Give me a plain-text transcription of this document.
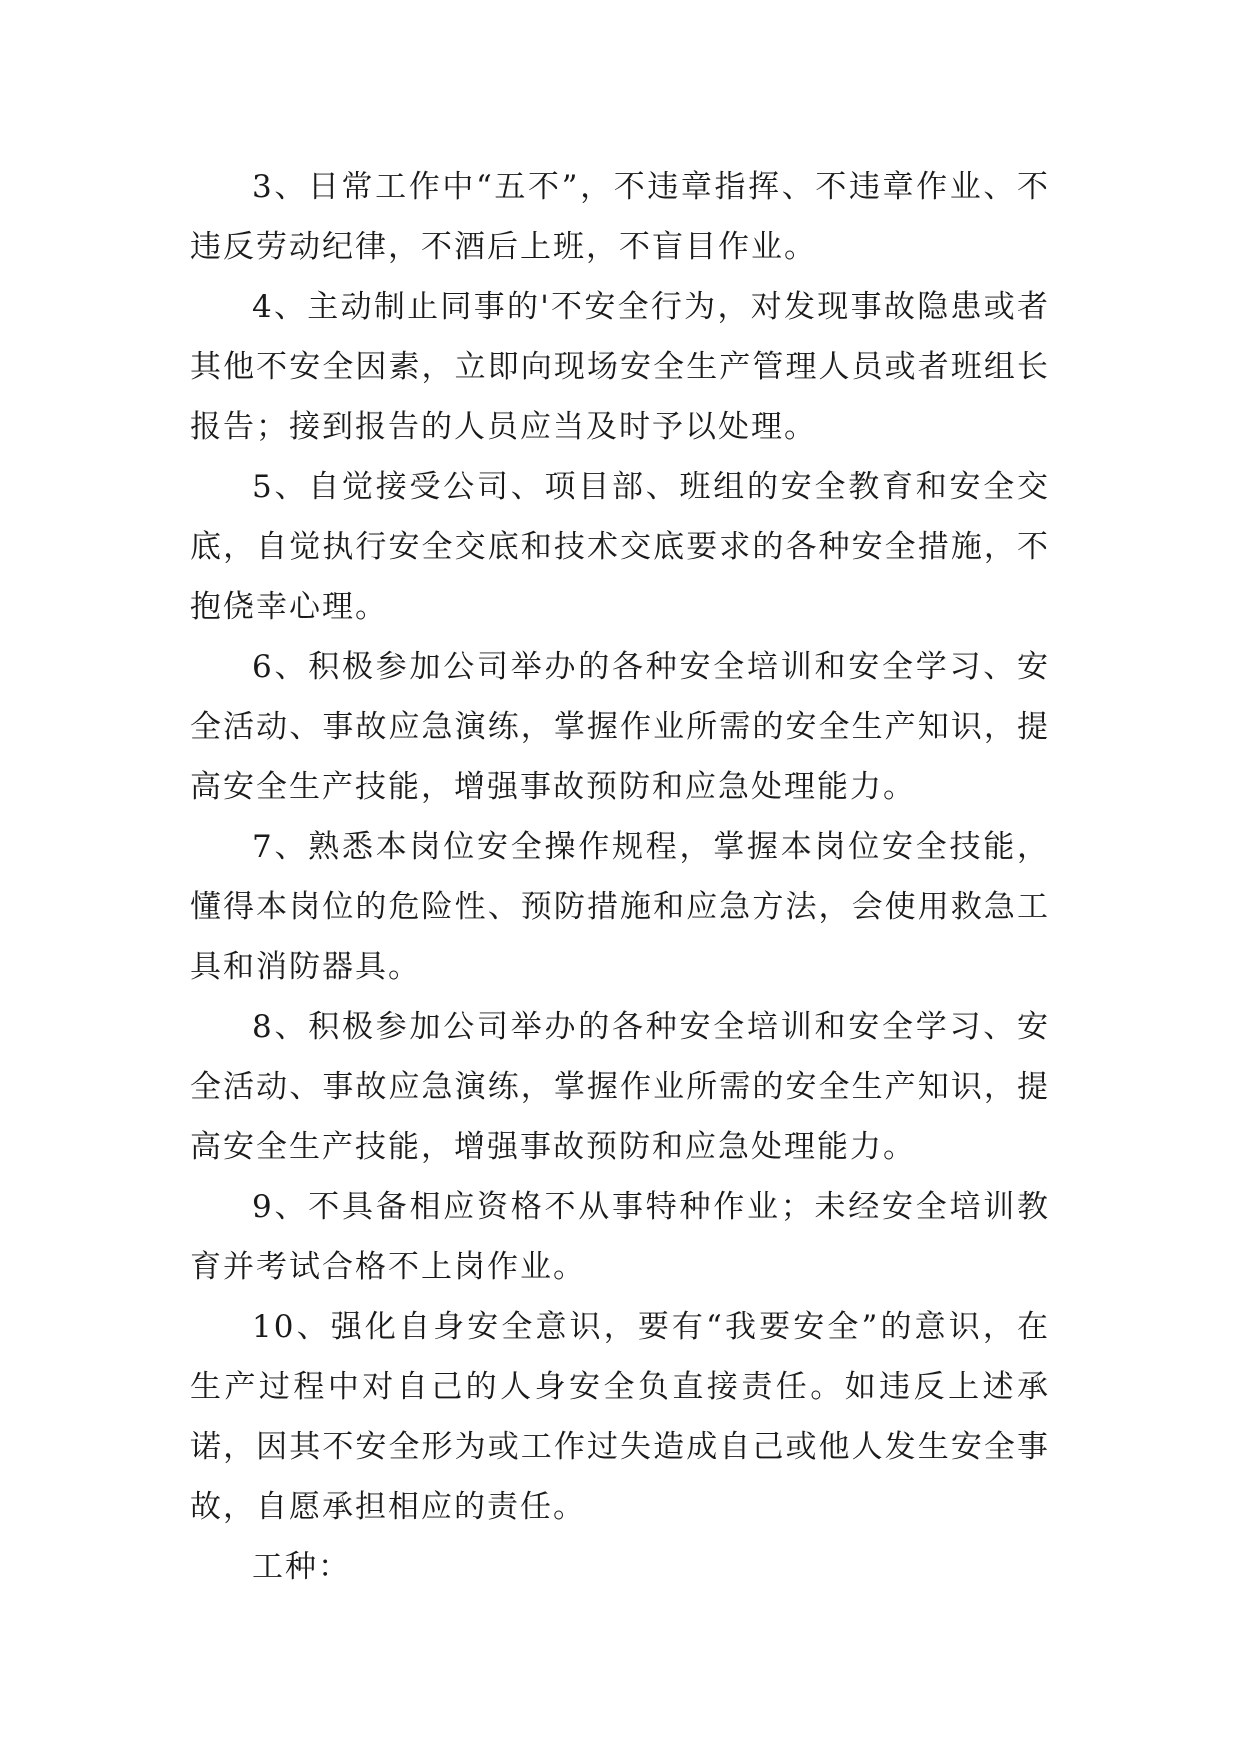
3、日常工作中“五不”，不违章指挥、不违章作业、不违反劳动纪律，不酒后上班，不盲目作业。

4、主动制止同事的'不安全行为，对发现事故隐患或者其他不安全因素，立即向现场安全生产管理人员或者班组长报告；接到报告的人员应当及时予以处理。

5、自觉接受公司、项目部、班组的安全教育和安全交底，自觉执行安全交底和技术交底要求的各种安全措施，不抱侥幸心理。

6、积极参加公司举办的各种安全培训和安全学习、安全活动、事故应急演练，掌握作业所需的安全生产知识，提高安全生产技能，增强事故预防和应急处理能力。

7、熟悉本岗位安全操作规程，掌握本岗位安全技能，懂得本岗位的危险性、预防措施和应急方法，会使用救急工具和消防器具。

8、积极参加公司举办的各种安全培训和安全学习、安全活动、事故应急演练，掌握作业所需的安全生产知识，提高安全生产技能，增强事故预防和应急处理能力。

9、不具备相应资格不从事特种作业；未经安全培训教育并考试合格不上岗作业。

10、强化自身安全意识，要有“我要安全”的意识，在生产过程中对自己的人身安全负直接责任。如违反上述承诺，因其不安全形为或工作过失造成自己或他人发生安全事故，自愿承担相应的责任。

工种：
